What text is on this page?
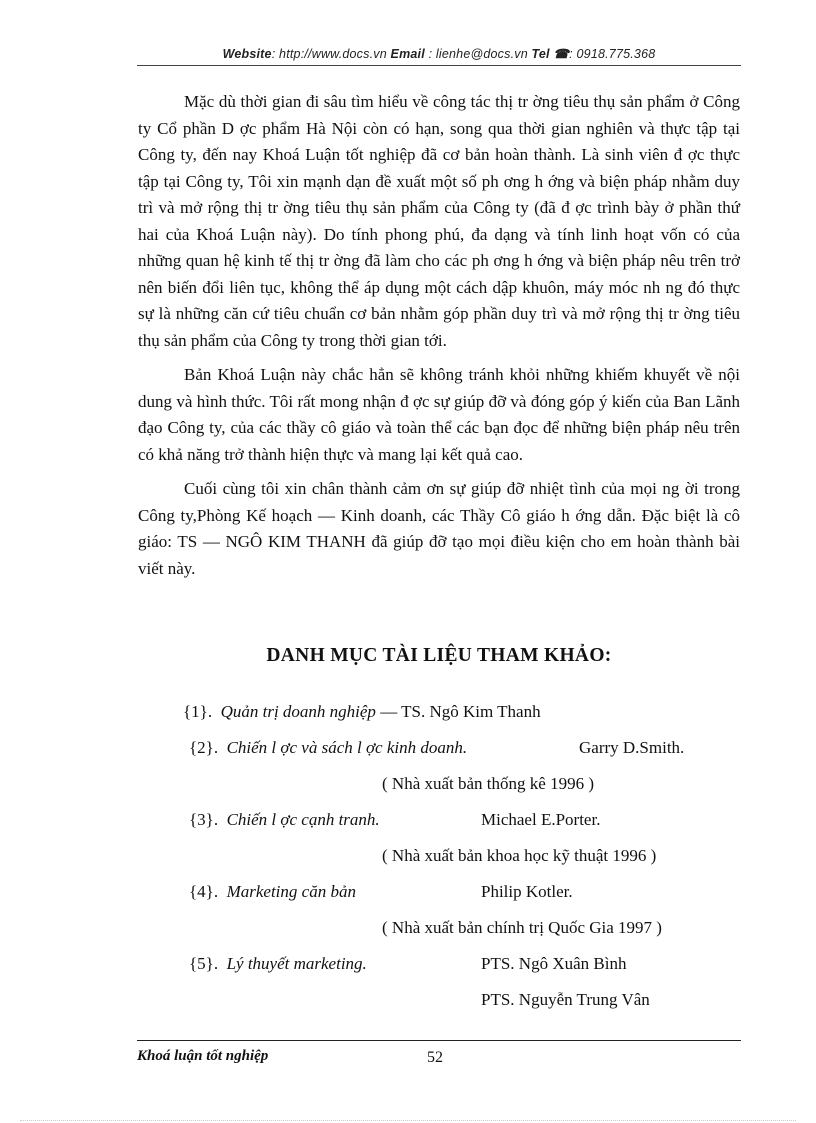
Website: http://www.docs.vn Email : lienhe@docs.vn Tel ☎: 0918.775.368

Mặc dù thời gian đi sâu tìm hiểu về công tác thị tr ờng tiêu thụ sản phẩm ở Công ty Cổ phần D ợc phẩm Hà Nội còn có hạn, song qua thời gian nghiên và thực tập tại Công ty, đến nay Khoá Luận tốt nghiệp đã cơ bản hoàn thành. Là sinh viên đ ợc thực tập tại Công ty, Tôi xin mạnh dạn đề xuất một số ph ơng h ớng và biện pháp nhằm duy trì và mở rộng thị tr ờng tiêu thụ sản phẩm của Công ty (đã đ ợc trình bày ở phần thứ hai của Khoá Luận này). Do tính phong phú, đa dạng và tính linh hoạt vốn có của những quan hệ kinh tế thị tr ờng đã làm cho các ph ơng h ớng và biện pháp nêu trên trở nên biến đổi liên tục, không thể áp dụng một cách dập khuôn, máy móc nh ng đó thực sự là những căn cứ tiêu chuẩn cơ bản nhằm góp phần duy trì và mở rộng thị tr ờng tiêu thụ sản phẩm của Công ty trong thời gian tới.

Bản Khoá Luận này chắc hẳn sẽ không tránh khỏi những khiếm khuyết về nội dung và hình thức. Tôi rất mong nhận đ ợc sự giúp đỡ và đóng góp ý kiến của Ban Lãnh đạo Công ty, của các thầy cô giáo và toàn thể các bạn đọc để những biện pháp nêu trên có khả năng trở thành hiện thực và mang lại kết quả cao.

Cuối cùng tôi xin chân thành cảm ơn sự giúp đỡ nhiệt tình của mọi ng ời trong Công ty,Phòng Kế hoạch — Kinh doanh, các Thầy Cô giáo h ớng dẫn. Đặc biệt là cô giáo: TS — NGÔ KIM THANH đã giúp đỡ tạo mọi điều kiện cho em hoàn thành bài viết này.

DANH MỤC TÀI LIỆU THAM KHẢO:
{1}. Quản trị doanh nghiệp — TS. Ngô Kim Thanh
{2}. Chiến l ợc và sách l ợc kinh doanh.	Garry D.Smith.
( Nhà xuất bản thống kê 1996 )
{3}. Chiến l ợc cạnh tranh.	Michael E.Porter.
( Nhà xuất bản khoa học kỹ thuật 1996 )
{4}. Marketing căn bản	Philip Kotler.
( Nhà xuất bản chính trị Quốc Gia 1997 )
{5}. Lý thuyết marketing.	PTS. Ngô Xuân Bình
PTS. Nguyễn Trung Vân
Khoá luận tốt nghiệp	52
